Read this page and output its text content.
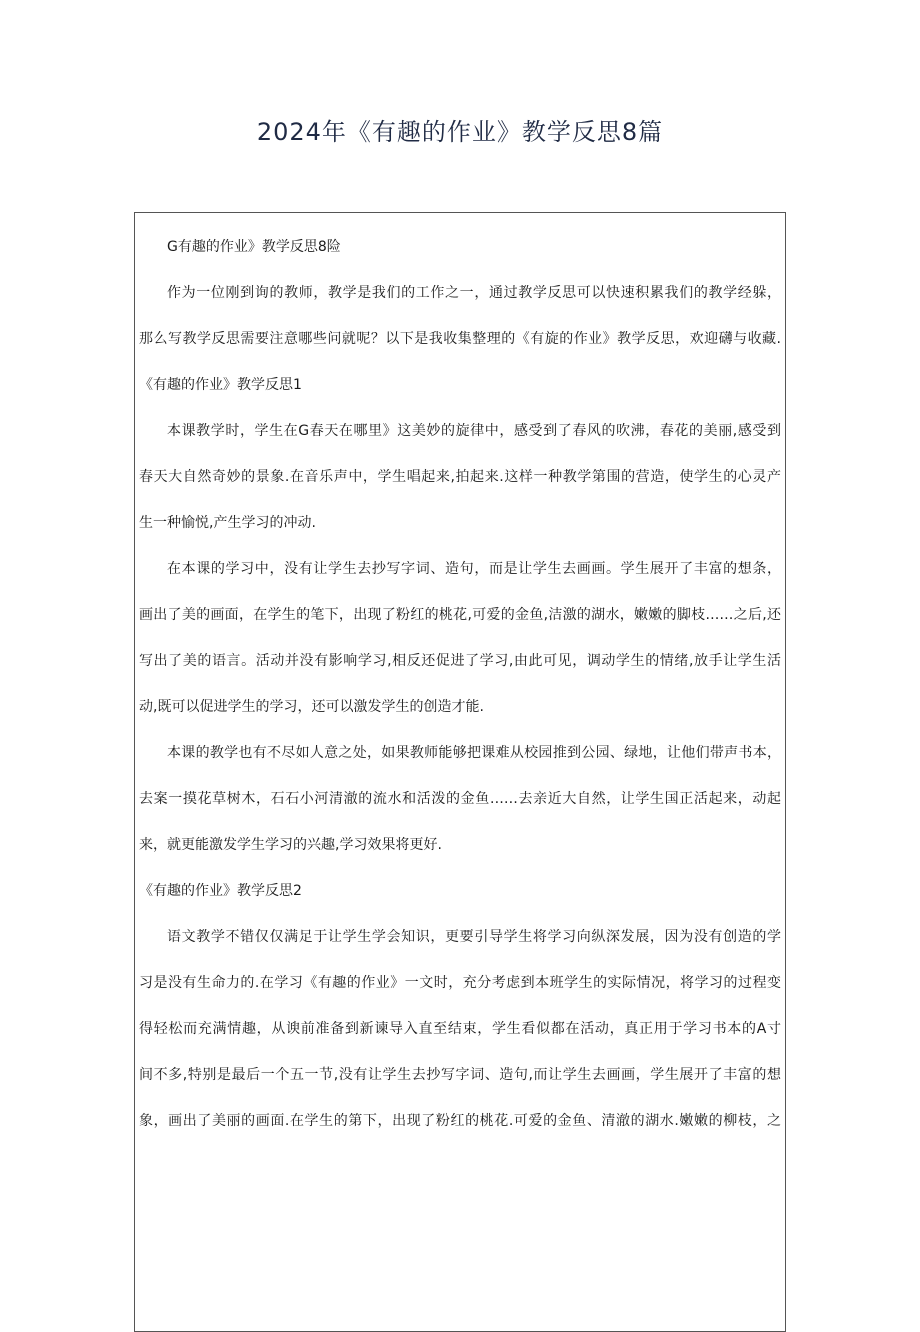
2024年《有趣的作业》教学反思8篇

G有趣的作业》教学反思8险

作为一位刚到询的教师，教学是我们的工作之一，通过教学反思可以快速积累我们的教学经躲，

那么写教学反思需要注意哪些问就呢？以下是我收集整理的《有旋的作业》教学反思，欢迎礴与收藏.

《有趣的作业》教学反思1

本课教学时，学生在G春天在哪里》这美妙的旋律中，感受到了春风的吹沸，春花的美丽,感受到

春天大自然奇妙的景象.在音乐声中，学生唱起来,拍起来.这样一种教学第围的营造，使学生的心灵产

生一种愉悦,产生学习的冲动.

在本课的学习中，没有让学生去抄写字词、造句，而是让学生去画画。学生展开了丰富的想条，

画出了美的画面，在学生的笔下，出现了粉红的桃花,可爱的金鱼,洁激的湖水，嫩嫩的脚枝……之后,还

写出了美的语言。活动并没有影响学习,相反还促进了学习,由此可见，调动学生的情绪,放手让学生活

动,既可以促进学生的学习，还可以激发学生的创造才能.

本课的教学也有不尽如人意之处，如果教师能够把课难从校园推到公园、绿地，让他们带声书本，

去案一摸花草树木，石石小河清澈的流水和活泼的金鱼……去亲近大自然，让学生国正活起来，动起

来，就更能激发学生学习的兴趣,学习效果将更好.

《有趣的作业》教学反思2

语文教学不错仅仅满足于让学生学会知识，更要引导学生将学习向纵深发展，因为没有创造的学

习是没有生命力的.在学习《有趣的作业》一文时，充分考虑到本班学生的实际情况，将学习的过程变

得轻松而充满情趣，从谀前准备到新谏导入直至结束，学生看似都在活动，真正用于学习书本的A寸

间不多,特别是最后一个五一节,没有让学生去抄写字词、造句,而让学生去画画，学生展开了丰富的想

象，画出了美丽的画面.在学生的第下，出现了粉红的桃花.可爱的金鱼、清澈的湖水.嫩嫩的柳枝，之
